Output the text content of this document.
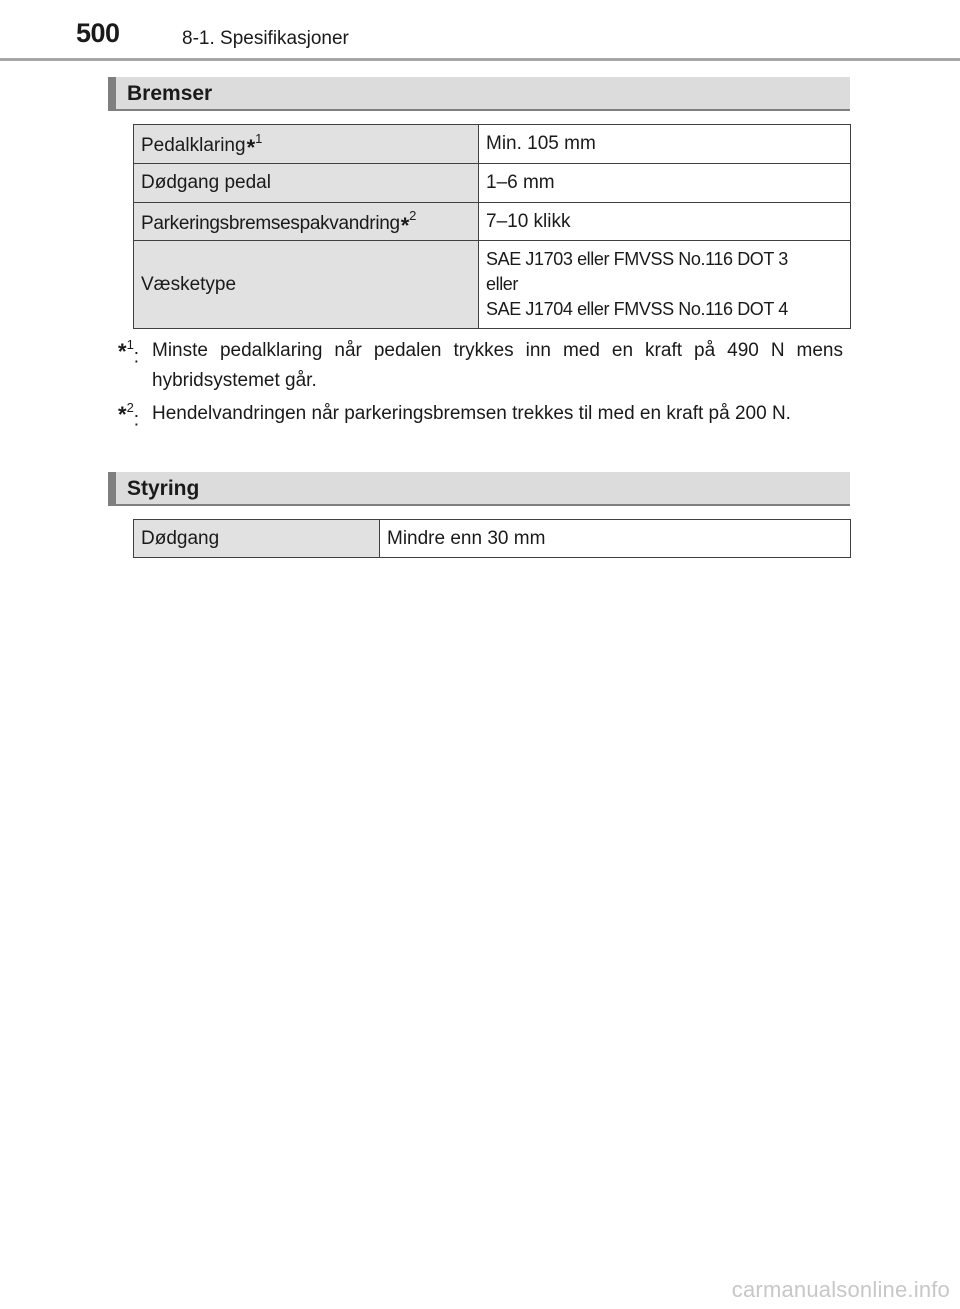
500	8-1. Spesifikasjoner
Bremser
Pedalklaring*$^1$	Min. 105 mm
Dødgang pedal	1–6 mm
Parkeringsbremsespakvandring*$^2$	7–10 klikk
Væsketype	SAE J1703 eller FMVSS No.116 DOT 3
eller
SAE J1704 eller FMVSS No.116 DOT 4
*$^1$: Minste pedalklaring når pedalen trykkes inn med en kraft på 490 N mens hybridsystemet går.
*$^2$: Hendelvandringen når parkeringsbremsen trekkes til med en kraft på 200 N.
Styring
Dødgang	Mindre enn 30 mm
carmanualsonline.info
